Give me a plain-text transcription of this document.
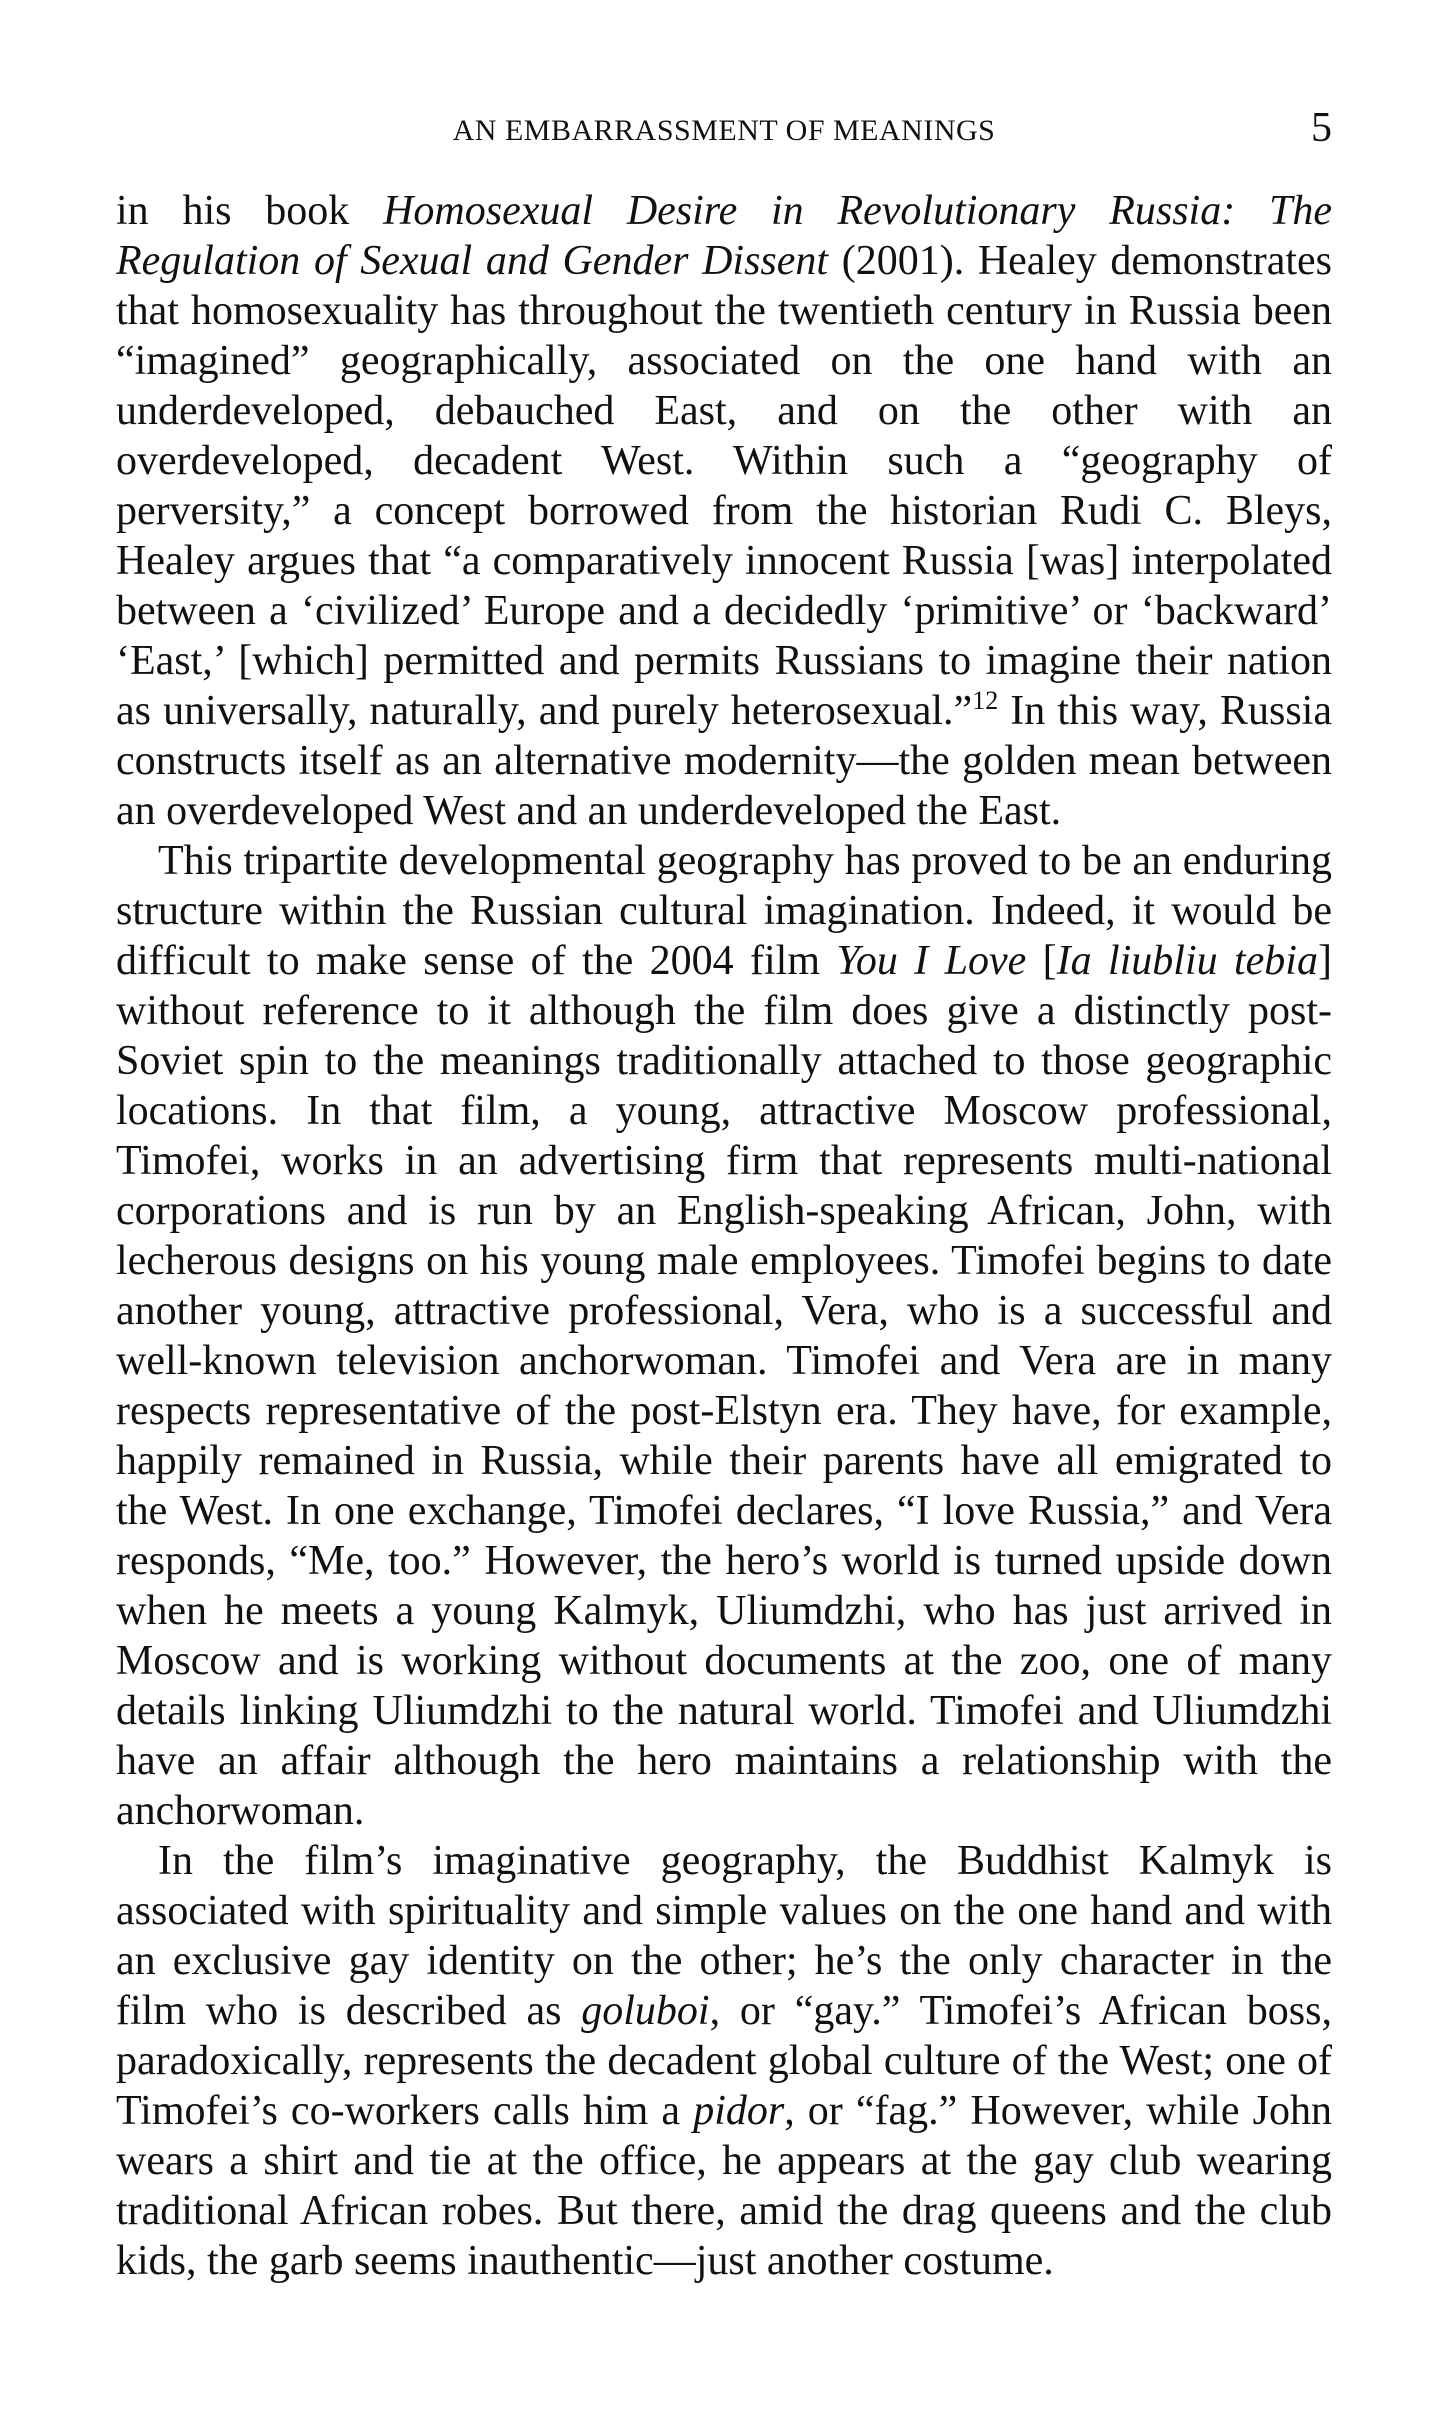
AN EMBARRASSMENT OF MEANINGS	5

in his book Homosexual Desire in Revolutionary Russia: The Regulation of Sexual and Gender Dissent (2001). Healey demonstrates that homosexuality has throughout the twentieth century in Russia been “imagined” geographically, associated on the one hand with an underdeveloped, debauched East, and on the other with an overdeveloped, decadent West. Within such a “geography of perversity,” a concept borrowed from the historian Rudi C. Bleys, Healey argues that “a comparatively innocent Russia [was] interpolated between a ‘civilized’ Europe and a decidedly ‘primitive’ or ‘backward’ ‘East,’ [which] permitted and permits Russians to imagine their nation as universally, naturally, and purely heterosexual.”$^{12}$ In this way, Russia constructs itself as an alternative modernity—the golden mean between an overdeveloped West and an underdeveloped the East.

This tripartite developmental geography has proved to be an enduring structure within the Russian cultural imagination. Indeed, it would be difficult to make sense of the 2004 film You I Love [Ia liubliu tebia] without reference to it although the film does give a distinctly post-Soviet spin to the meanings traditionally attached to those geographic locations. In that film, a young, attractive Moscow professional, Timofei, works in an advertising firm that represents multi-national corporations and is run by an English-speaking African, John, with lecherous designs on his young male employees. Timofei begins to date another young, attractive professional, Vera, who is a successful and well-known television anchorwoman. Timofei and Vera are in many respects representative of the post-Elstyn era. They have, for example, happily remained in Russia, while their parents have all emigrated to the West. In one exchange, Timofei declares, “I love Russia,” and Vera responds, “Me, too.” However, the hero’s world is turned upside down when he meets a young Kalmyk, Uliumdzhi, who has just arrived in Moscow and is working without documents at the zoo, one of many details linking Uliumdzhi to the natural world. Timofei and Uliumdzhi have an affair although the hero maintains a relationship with the anchorwoman.

In the film’s imaginative geography, the Buddhist Kalmyk is associated with spirituality and simple values on the one hand and with an exclusive gay identity on the other; he’s the only character in the film who is described as goluboi, or “gay.” Timofei’s African boss, paradoxically, represents the decadent global culture of the West; one of Timofei’s co-workers calls him a pidor, or “fag.” However, while John wears a shirt and tie at the office, he appears at the gay club wearing traditional African robes. But there, amid the drag queens and the club kids, the garb seems inauthentic—just another costume.
